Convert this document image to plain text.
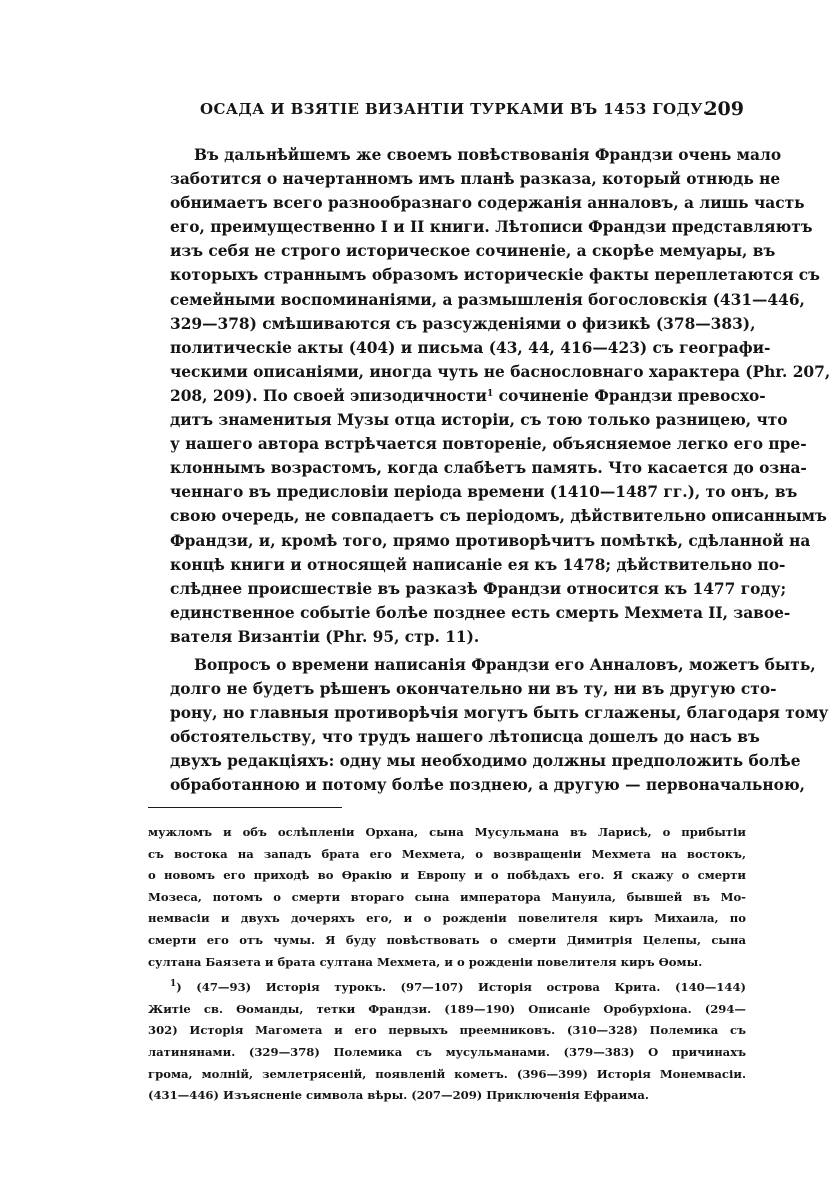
ОСАДА И ВЗЯТІЕ ВИЗАНТІИ ТУРКАМИ ВЪ 1453 ГОДУ.
209
Въ дальнѣйшемъ же своемъ повѣствованія Франдзи очень мало
заботится о начертанномъ имъ планѣ разказа, который отнюдь не
обнимаетъ всего разнообразнаго содержанія анналовъ, а лишь часть
его, преимущественно I и II книги. Лѣтописи Франдзи представляютъ
изъ себя не строго историческое сочиненіе, а скорѣе мемуары, въ
которыхъ страннымъ образомъ историческіе факты переплетаются съ
семейными воспоминаніями, а размышленія богословскія (431—446,
329—378) смѣшиваются съ разсужденіями о физикѣ (378—383),
политическіе акты (404) и письма (43, 44, 416—423) съ географи-
ческими описаніями, иногда чуть не баснословнаго характера (Phr. 207,
208, 209). По своей эпизодичности$^1$ сочиненіе Франдзи превосхо-
дитъ знаменитыя Музы отца исторіи, съ тою только разницею, что
у нашего автора встрѣчается повтореніе, объясняемое легко его пре-
клоннымъ возрастомъ, когда слабѣетъ память. Что касается до озна-
ченнаго въ предисловіи періода времени (1410—1487 гг.), то онъ, въ
свою очередь, не совпадаетъ съ періодомъ, дѣйствительно описаннымъ
Франдзи, и, кромѣ того, прямо противорѣчитъ помѣткѣ, сдѣланной на
концѣ книги и относящей написаніе ея къ 1478; дѣйствительно по-
слѣднее происшествіе въ разказѣ Франдзи относится къ 1477 году;
единственное событіе болѣе позднее есть смерть Мехмета II, завое-
вателя Византіи (Phr. 95, стр. 11).
Вопросъ о времени написанія Франдзи его Анналовъ, можетъ быть,
долго не будетъ рѣшенъ окончательно ни въ ту, ни въ другую сто-
рону, но главныя противорѣчія могутъ быть сглажены, благодаря тому
обстоятельству, что трудъ нашего лѣтописца дошелъ до насъ въ
двухъ редакціяхъ: одну мы необходимо должны предположить болѣе
обработанною и потому болѣе позднею, а другую — первоначальною,
мужломъ и объ ослѣпленіи Орхана, сына Мусульмана въ Ларисѣ, о прибытіи
съ востока на западъ брата его Мехмета, о возвращеніи Мехмета на востокъ,
о новомъ его приходѣ во Ѳракію и Европу и о побѣдахъ его. Я скажу о смерти
Мозеса, потомъ о смерти втораго сына императора Мануила, бывшей въ Мо-
немвасіи и двухъ дочеряхъ его, и о рожденіи повелителя киръ Михаила, по
смерти его отъ чумы. Я буду повѣствовать о смерти Димитрія Целепы, сына
султана Баязета и брата султана Мехмета, и о рожденіи повелителя киръ Ѳомы.
$^1$) (47—93) Исторія турокъ. (97—107) Исторія острова Крита. (140—144)
Житіе св. Ѳоманды, тетки Франдзи. (189—190) Описаніе Оробурхіона. (294—
302) Исторія Магомета и его первыхъ преемниковъ. (310—328) Полемика съ
латинянами. (329—378) Полемика съ мусульманами. (379—383) О причинахъ
грома, молній, землетрясеній, появленій кометъ. (396—399) Исторія Монемвасіи.
(431—446) Изъясненіе символа вѣры. (207—209) Приключенія Ефраима.
